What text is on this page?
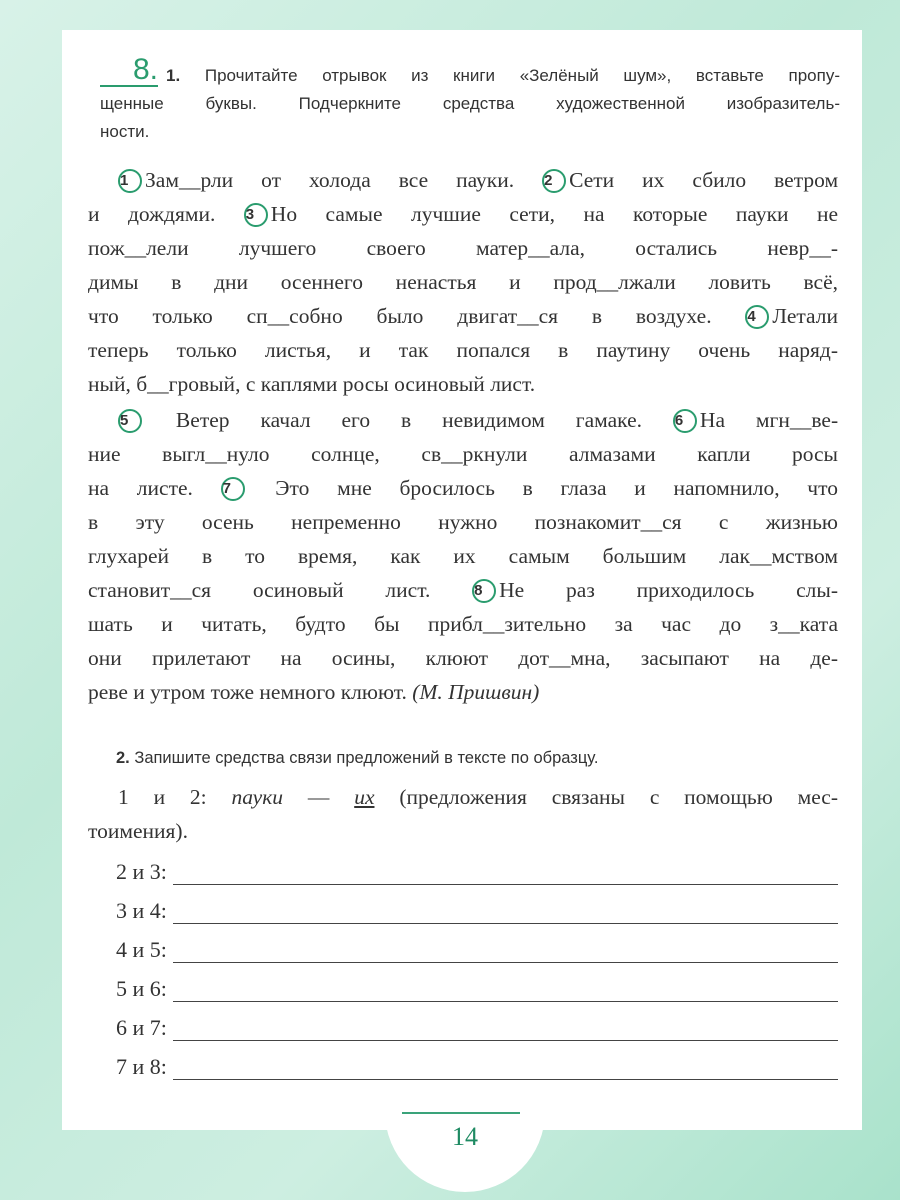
14
8. 1. Прочитайте отрывок из книги «Зелёный шум», вставьте пропу-
щенные буквы. Подчеркните средства художественной изобразитель-
ности.
1 Зам__рли от холода все пауки. 2 Сети их сбило ветром
и дождями. 3 Но самые лучшие сети, на которые пауки не
пож__лели лучшего своего матер__ала, остались невр__-
димы в дни осеннего ненастья и прод__лжали ловить всё,
что только сп__собно было двигат__ся в воздухе. 4 Летали
теперь только листья, и так попался в паутину очень наряд-
ный, б__гровый, с каплями росы осиновый лист.
5 Ветер качал его в невидимом гамаке. 6 На мгн__ве-
ние выгл__нуло солнце, св__ркнули алмазами капли росы
на листе. 7 Это мне бросилось в глаза и напомнило, что
в эту осень непременно нужно познакомит__ся с жизнью
глухарей в то время, как их самым большим лак__мством
становит__ся осиновый лист.	8 Не раз приходилось слы-
шать и читать, будто бы прибл__зительно за час до з__ката
они прилетают на осины, клюют дот__мна, засыпают на де-
реве и утром тоже немного клюют. (М. Пришвин)
2. Запишите средства связи предложений в тексте по образцу.
1 и 2: пауки — их (предложения связаны с помощью мес-
тоимения).
2 и 3:
3 и 4:
4 и 5:
5 и 6:
6 и 7:
7 и 8:
